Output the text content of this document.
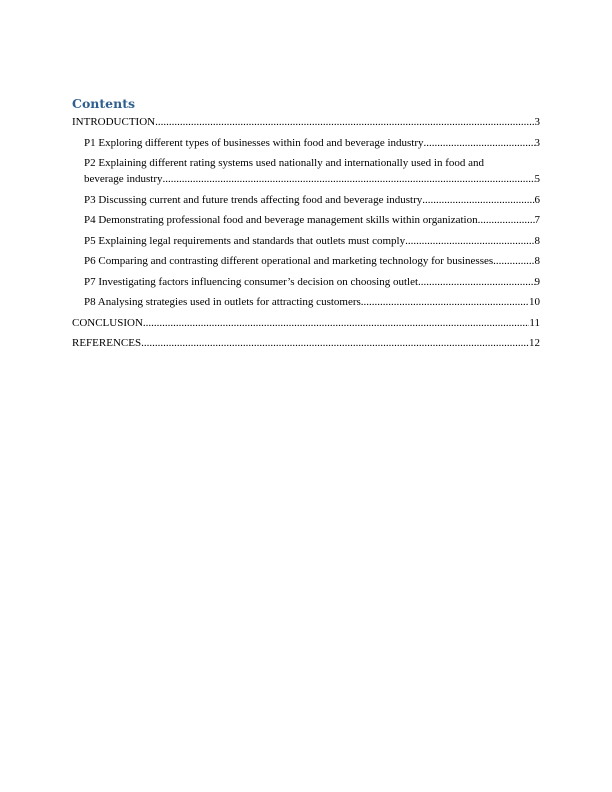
Contents
INTRODUCTION .....	3
P1 Exploring different types of businesses within food and beverage industry .....	3
P2 Explaining different rating systems used nationally and internationally used in food and
beverage industry .....	5
P3 Discussing current and future trends affecting food and beverage industry .....	6
P4 Demonstrating professional food and beverage management skills within organization .....	7
P5 Explaining legal requirements and standards that outlets must comply .....	8
P6 Comparing and contrasting different operational and marketing technology for businesses .....	8
P7 Investigating factors influencing consumer’s decision on choosing outlet .....	9
P8 Analysing strategies used in outlets for attracting customers .....	10
CONCLUSION .....	11
REFERENCES .....	12
